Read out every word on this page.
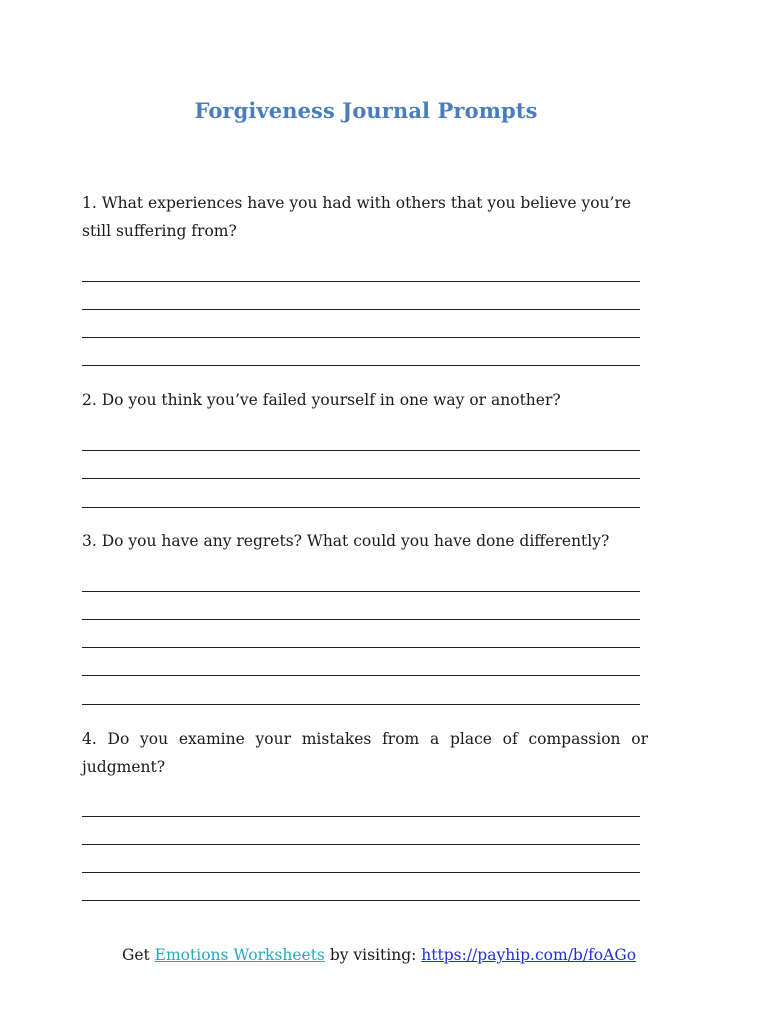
Forgiveness Journal Prompts

1. What experiences have you had with others that you believe you’re still suffering from?

2. Do you think you’ve failed yourself in one way or another?

3. Do you have any regrets? What could you have done differently?

4. Do you examine your mistakes from a place of compassion or judgment?

Get Emotions Worksheets by visiting: https://payhip.com/b/foAGo
